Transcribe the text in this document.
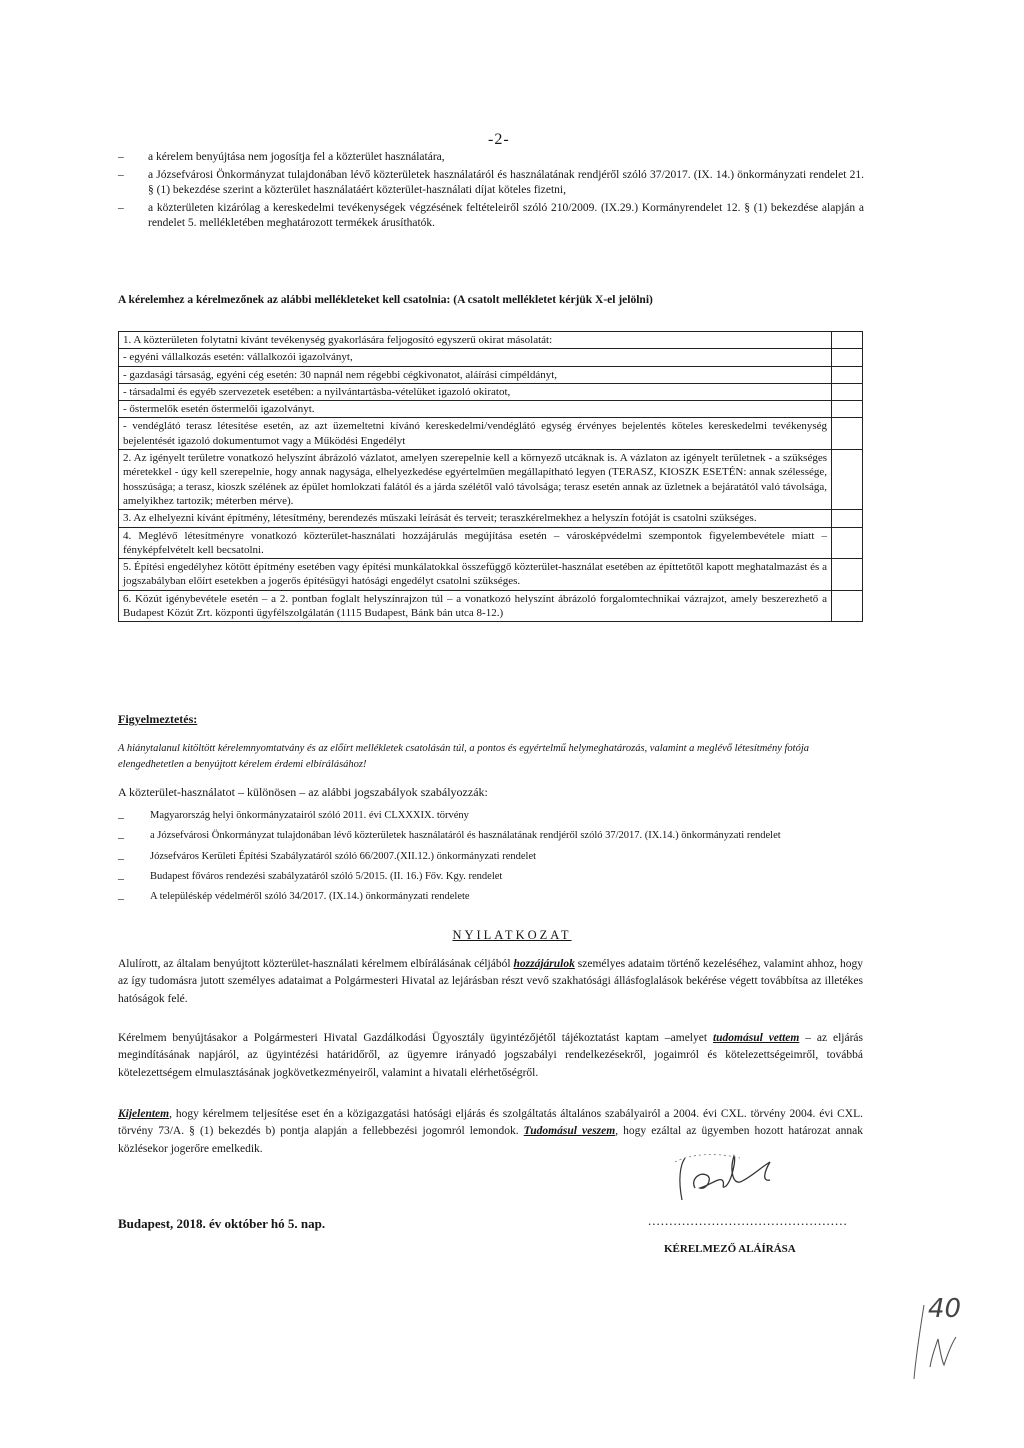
-2-
– a kérelem benyújtása nem jogosítja fel a közterület használatára,
– a Józsefvárosi Önkormányzat tulajdonában lévő közterületek használatáról és használatának rendjéről szóló 37/2017. (IX. 14.) önkormányzati rendelet 21. § (1) bekezdése szerint a közterület használatáért közterület-használati díjat köteles fizetni,
– a közterületen kizárólag a kereskedelmi tevékenységek végzésének feltételeiről szóló 210/2009. (IX.29.) Kormányrendelet 12. § (1) bekezdése alapján a rendelet 5. mellékletében meghatározott termékek árusíthatók.
A kérelemhez a kérelmezőnek az alábbi mellékleteket kell csatolnia: (A csatolt mellékletet kérjük X-el jelölni)
1. A közterületen folytatni kívánt tevékenység gyakorlására feljogosító egyszerű okirat másolatát:	
- egyéni vállalkozás esetén: vállalkozói igazolványt,	
- gazdasági társaság, egyéni cég esetén: 30 napnál nem régebbi cégkivonatot, aláírási címpéldányt,	
- társadalmi és egyéb szervezetek esetében: a nyilvántartásba-vételüket igazoló okiratot,	
- őstermelők esetén őstermelői igazolványt.	
- vendéglátó terasz létesítése esetén, az azt üzemeltetni kívánó kereskedelmi/vendéglátó egység érvényes bejelentés köteles kereskedelmi tevékenység bejelentését igazoló dokumentumot vagy a Működési Engedélyt	
2. Az igényelt területre vonatkozó helyszínt ábrázoló vázlatot, amelyen szerepelnie kell a környező utcáknak is. A vázlaton az igényelt területnek - a szükséges méretekkel - úgy kell szerepelnie, hogy annak nagysága, elhelyezkedése egyértelműen megállapítható legyen (TERASZ, KIOSZK ESETÉN: annak szélessége, hosszúsága; a terasz, kioszk szélének az épület homlokzati falától és a járda szélétől való távolsága; terasz esetén annak az üzletnek a bejáratától való távolsága, amelyikhez tartozik; méterben mérve).	
3. Az elhelyezni kívánt építmény, létesítmény, berendezés műszaki leírását és terveit; teraszkérelmekhez a helyszín fotóját is csatolni szükséges.	
4. Meglévő létesítményre vonatkozó közterület-használati hozzájárulás megújítása esetén – városképvédelmi szempontok figyelembevétele miatt – fényképfelvételt kell becsatolni.	
5. Építési engedélyhez kötött építmény esetében vagy építési munkálatokkal összefüggő közterület-használat esetében az építtetőtől kapott meghatalmazást és a jogszabályban előírt esetekben a jogerős építésügyi hatósági engedélyt csatolni szükséges.	
6. Közút igénybevétele esetén – a 2. pontban foglalt helyszínrajzon túl – a vonatkozó helyszínt ábrázoló forgalomtechnikai vázrajzot, amely beszerezhető a Budapest Közút Zrt. központi ügyfélszolgálatán (1115 Budapest, Bánk bán utca 8-12.)	
Figyelmeztetés:
A hiánytalanul kitöltött kérelemnyomtatvány és az előírt mellékletek csatolásán túl, a pontos és egyértelmű helymeghatározás, valamint a meglévő létesítmény fotója elengedhetetlen a benyújtott kérelem érdemi elbírálásához!
A közterület-használatot – különösen – az alábbi jogszabályok szabályozzák:
– Magyarország helyi önkormányzatairól szóló 2011. évi CLXXXIX. törvény
– a Józsefvárosi Önkormányzat tulajdonában lévő közterületek használatáról és használatának rendjéről szóló 37/2017. (IX.14.) önkormányzati rendelet
– Józsefváros Kerületi Építési Szabályzatáról szóló 66/2007.(XII.12.) önkormányzati rendelet
– Budapest főváros rendezési szabályzatáról szóló 5/2015. (II. 16.) Főv. Kgy. rendelet
– A településkép védelméről szóló 34/2017. (IX.14.) önkormányzati rendelete
NYILATKOZAT
Alulírott, az általam benyújtott közterület-használati kérelmem elbírálásának céljából hozzájárulok személyes adataim történő kezeléséhez, valamint ahhoz, hogy az így tudomásra jutott személyes adataimat a Polgármesteri Hivatal az lejárásban részt vevő szakhatósági állásfoglalások bekérése végett továbbítsa az illetékes hatóságok felé.
Kérelmem benyújtásakor a Polgármesteri Hivatal Gazdálkodási Ügyosztály ügyintézőjétől tájékoztatást kaptam –amelyet tudomásul vettem – az eljárás megindításának napjáról, az ügyintézési határidőről, az ügyemre irányadó jogszabályi rendelkezésekről, jogaimról és kötelezettségeimről, továbbá kötelezettségem elmulasztásának jogkövetkezményeiről, valamint a hivatali elérhetőségről.
Kijelentem, hogy kérelmem teljesítése eset én a közigazgatási hatósági eljárás és szolgáltatás általános szabályairól a 2004. évi CXL. törvény 2004. évi CXL. törvény 73/A. § (1) bekezdés b) pontja alapján a fellebbezési jogomról lemondok. Tudomásul veszem, hogy ezáltal az ügyemben hozott határozat annak közlésekor jogerőre emelkedik.
Budapest, 2018. év október hó 5. nap.	...............................................
KÉRELMEZŐ ALÁÍRÁSA
40
